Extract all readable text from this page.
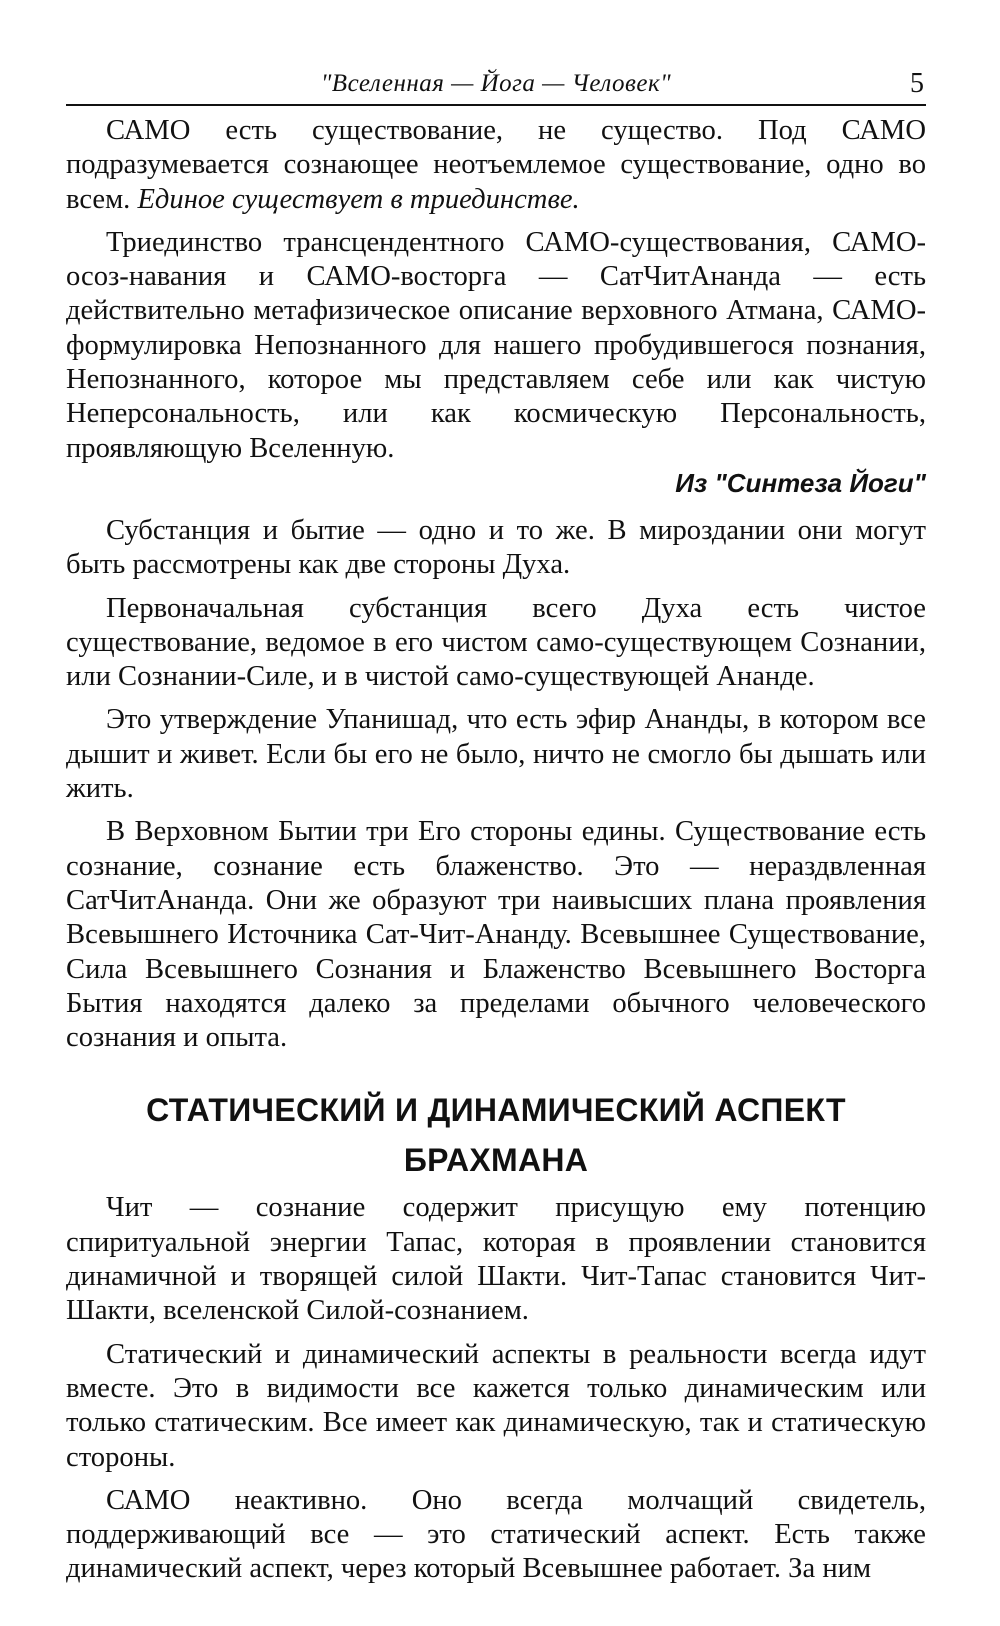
"Вселенная — Йога — Человек"	5

САМО есть существование, не существо. Под САМО подразумевается сознающее неотъемлемое существование, одно во всем. Единое существует в триединстве.

Триединство трансцендентного САМО-существования, САМО-осоз-навания и САМО-восторга — СатЧитАнанда — есть действительно метафизическое описание верховного Атмана, САМО-формулировка Непознанного для нашего пробудившегося познания, Непознанного, которое мы представляем себе или как чистую Неперсональность, или как космическую Персональность, проявляющую Вселенную.

Из "Синтеза Йоги"

Субстанция и бытие — одно и то же. В мироздании они могут быть рассмотрены как две стороны Духа.

Первоначальная субстанция всего Духа есть чистое существование, ведомое в его чистом само-существующем Сознании, или Сознании-Силе, и в чистой само-существующей Ананде.

Это утверждение Упанишад, что есть эфир Ананды, в котором все дышит и живет. Если бы его не было, ничто не смогло бы дышать или жить.

В Верховном Бытии три Его стороны едины. Существование есть сознание, сознание есть блаженство. Это — нераздвленная СатЧитАнанда. Они же образуют три наивысших плана проявления Всевышнего Источника Сат-Чит-Ананду. Всевышнее Существование, Сила Всевышнего Сознания и Блаженство Всевышнего Восторга Бытия находятся далеко за пределами обычного человеческого сознания и опыта.

СТАТИЧЕСКИЙ И ДИНАМИЧЕСКИЙ АСПЕКТ
БРАХМАНА

Чит — сознание содержит присущую ему потенцию спиритуальной энергии Тапас, которая в проявлении становится динамичной и творящей силой Шакти. Чит-Тапас становится Чит-Шакти, вселенской Силой-сознанием.

Статический и динамический аспекты в реальности всегда идут вместе. Это в видимости все кажется только динамическим или только статическим. Все имеет как динамическую, так и статическую стороны.

САМО неактивно. Оно всегда молчащий свидетель, поддерживающий все — это статический аспект. Есть также динамический аспект, через который Всевышнее работает. За ним
